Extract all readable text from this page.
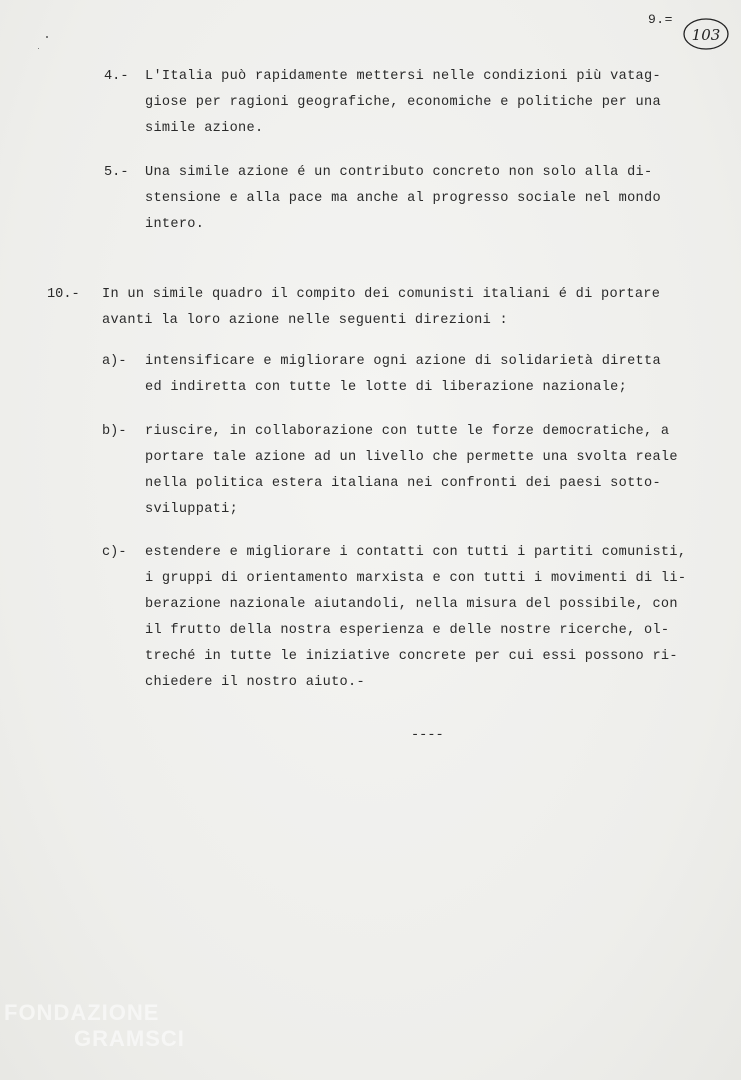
9.=
103
4.- L'Italia può rapidamente mettersi nelle condizioni più vatag-
giose per ragioni geografiche, economiche e politiche per una
simile azione.
5.- Una simile azione é un contributo concreto non solo alla di-
stensione e alla pace ma anche al progresso sociale nel mondo
intero.
10.- In un simile quadro il compito dei comunisti italiani é di portare
avanti la loro azione nelle seguenti direzioni :
a)- intensificare e migliorare ogni azione di solidarietà diretta
ed indiretta con tutte le lotte di liberazione nazionale;
b)- riuscire, in collaborazione con tutte le forze democratiche, a
portare tale azione ad un livello che permette una svolta reale
nella politica estera italiana nei confronti dei paesi sotto-
sviluppati;
c)- estendere e migliorare i contatti con tutti i partiti comunisti,
i gruppi di orientamento marxista e con tutti i movimenti di li-
berazione nazionale aiutandoli, nella misura del possibile, con
il frutto della nostra esperienza e delle nostre ricerche, ol-
treché in tutte le iniziative concrete per cui essi possono ri-
chiedere il nostro aiuto.-
----
FONDAZIONE
GRAMSCI
